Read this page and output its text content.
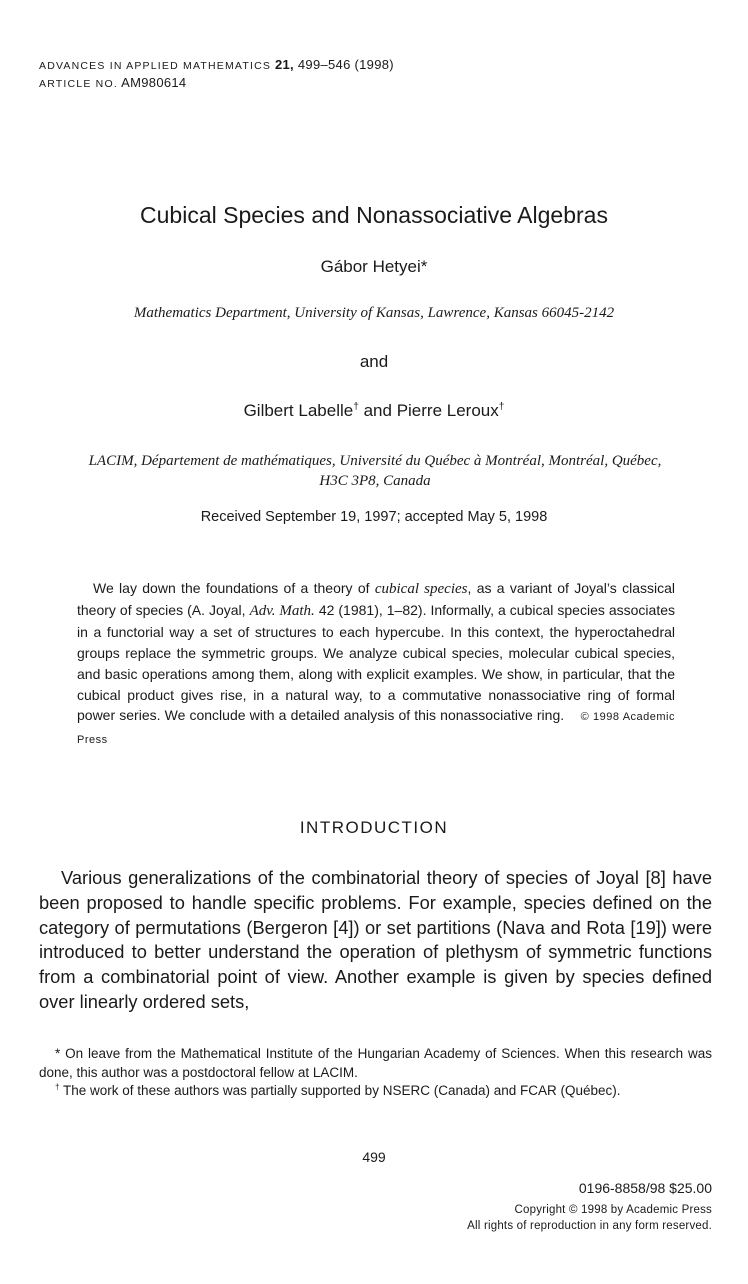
ADVANCES IN APPLIED MATHEMATICS 21, 499–546 (1998)
ARTICLE NO. AM980614
Cubical Species and Nonassociative Algebras
Gábor Hetyei*
Mathematics Department, University of Kansas, Lawrence, Kansas 66045-2142
and
Gilbert Labelle† and Pierre Leroux†
LACIM, Département de mathématiques, Université du Québec à Montréal, Montréal, Québec, H3C 3P8, Canada
Received September 19, 1997; accepted May 5, 1998

We lay down the foundations of a theory of cubical species, as a variant of Joyal’s classical theory of species (A. Joyal, Adv. Math. 42 (1981), 1–82). Informally, a cubical species associates in a functorial way a set of structures to each hypercube. In this context, the hyperoctahedral groups replace the symmetric groups. We analyze cubical species, molecular cubical species, and basic operations among them, along with explicit examples. We show, in particular, that the cubical product gives rise, in a natural way, to a commutative nonassociative ring of formal power series. We conclude with a detailed analysis of this nonassociative ring. © 1998 Academic Press

INTRODUCTION

Various generalizations of the combinatorial theory of species of Joyal [8] have been proposed to handle specific problems. For example, species defined on the category of permutations (Bergeron [4]) or set partitions (Nava and Rota [19]) were introduced to better understand the operation of plethysm of symmetric functions from a combinatorial point of view. Another example is given by species defined over linearly ordered sets,

* On leave from the Mathematical Institute of the Hungarian Academy of Sciences. When this research was done, this author was a postdoctoral fellow at LACIM.

† The work of these authors was partially supported by NSERC (Canada) and FCAR (Québec).

499
0196-8858/98 $25.00
Copyright © 1998 by Academic Press
All rights of reproduction in any form reserved.
